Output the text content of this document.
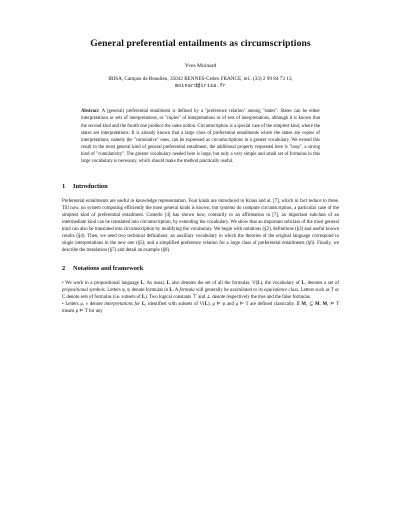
General preferential entailments as circumscriptions
Yves Moinard
IRISA, Campus de Beaulieu, 35042 RENNES-Cedex FRANCE, tel.: (33) 2 99 84 73 13,
moinard@irisa.fr
Abstract A (general) preferential entailment is defined by a "preference relation" among "states". States can be either interpretations or sets of interpretations, or "copies" of interpretations or of sets of interpretations, although it is known that the second kind and the fourth one produce the same notion. Circumscription is a special case of the simplest kind, where the states are interpretations. It is already known that a large class of preferential entailments where the states are copies of interpretations, namely the "cumulative" ones, can be expressed as circumscriptions in a greater vocabulary. We extend this result to the most general kind of general preferential entailment, the additional property requested here is "loop", a strong kind of "cumulativity". The greater vocabulary needed here is large, but only a very simple and small set of formulas in this large vocabulary is necessary, which should make the method practically useful.
1 Introduction

Preferential entailments are useful in knowledge representation. Four kinds are introduced in Kraus and al. [7], which in fact reduce to three. Till now, no system computing efficiently the most general kinds is known, but systems do compute circumscription, a particular case of the simplest kind of preferential entailment. Costello [4] has shown how, contrarily to an affirmation in [7], an important subclass of an intermediate kind can be translated into circumscription, by extending the vocabulary. We show that an important subclass of the most general kind can also be translated into circumscription by modifying the vocabulary. We begin with notations (§2), definitions (§3) and useful known results (§4). Then, we need two technical definitions: an auxiliary vocabulary in which the theories of the original language correspond to single interpretations in the new one (§5); and a simplified preference relation for a large class of preferential entailments (§6). Finally, we describe the translation (§7) and detail an example (§8).

2 Notations and framework

• We work in a propositional language L. As usual, L also denotes the set of all the formulas. V(L), the vocabulary of L, denotes a set of propositional symbols. Letters φ, ψ denote formulas in L. A formula will generally be assimilated to its equivalence class. Letters such as T or C denote sets of formulas (i.e. subsets of L). Two logical constants ⊤ and ⊥ denote respectively the true and the false formulas.

• Letters μ, ν denote interpretations for L, identified with subsets of V(L). μ ⊨ φ and μ ⊨ T are defined classically. If M₁ ⊆ M, M₁ ⊨ T means μ ⊨ T for any
